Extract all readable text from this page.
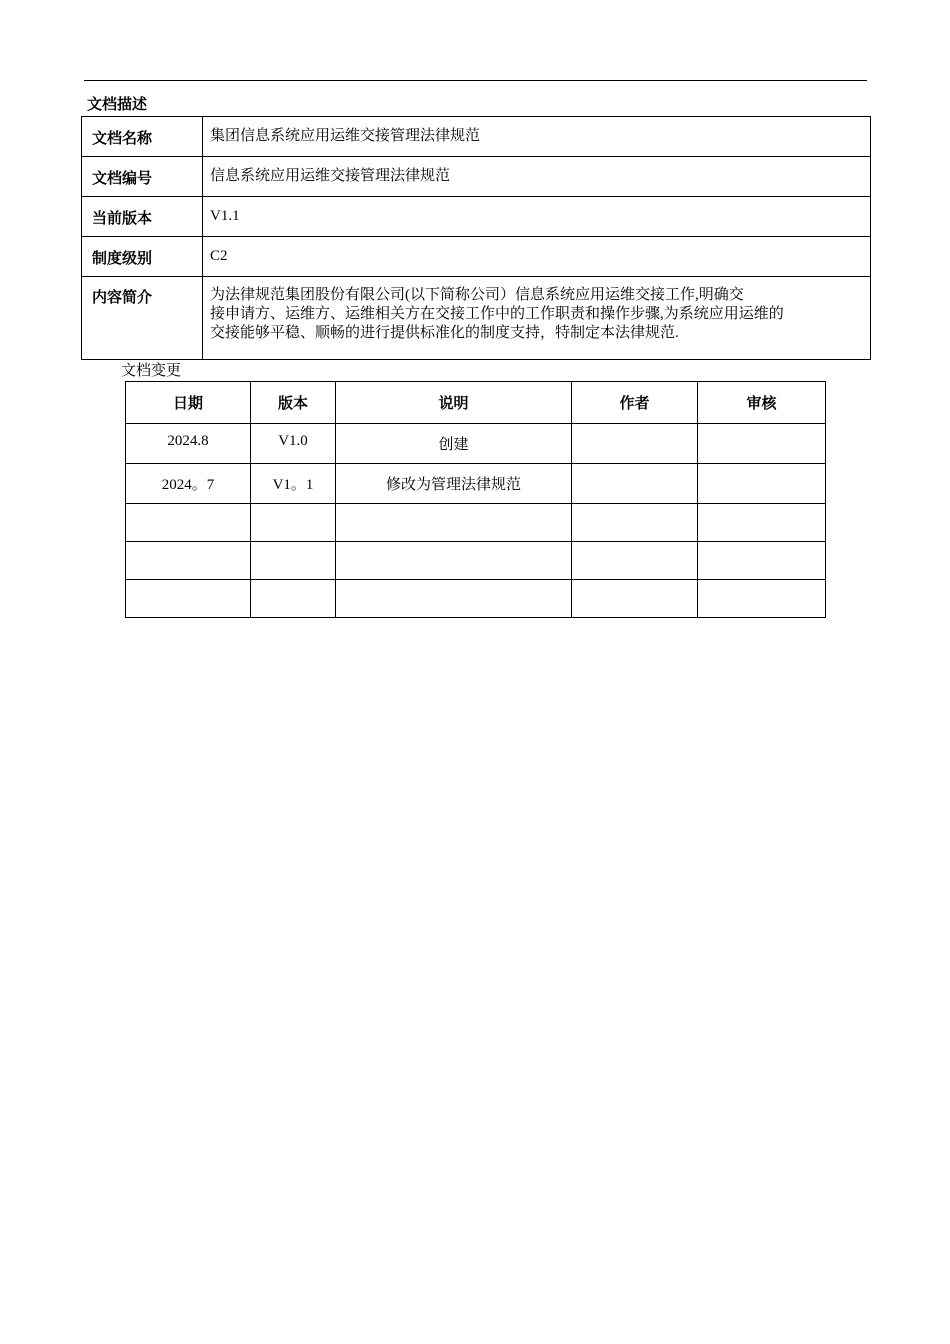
文档描述
文档名称	集团信息系统应用运维交接管理法律规范
文档编号	信息系统应用运维交接管理法律规范
当前版本	V1.1
制度级别	C2
内容简介	为法律规范集团股份有限公司(以下简称公司）信息系统应用运维交接工作,明确交
接申请方、运维方、运维相关方在交接工作中的工作职责和操作步骤,为系统应用运维的
交接能够平稳、顺畅的进行提供标准化的制度支持，特制定本法律规范.
文档变更
日期	版本	说明	作者	审核
2024.8	V1.0	创建		
2024。7	V1。1	修改为管理法律规范		
